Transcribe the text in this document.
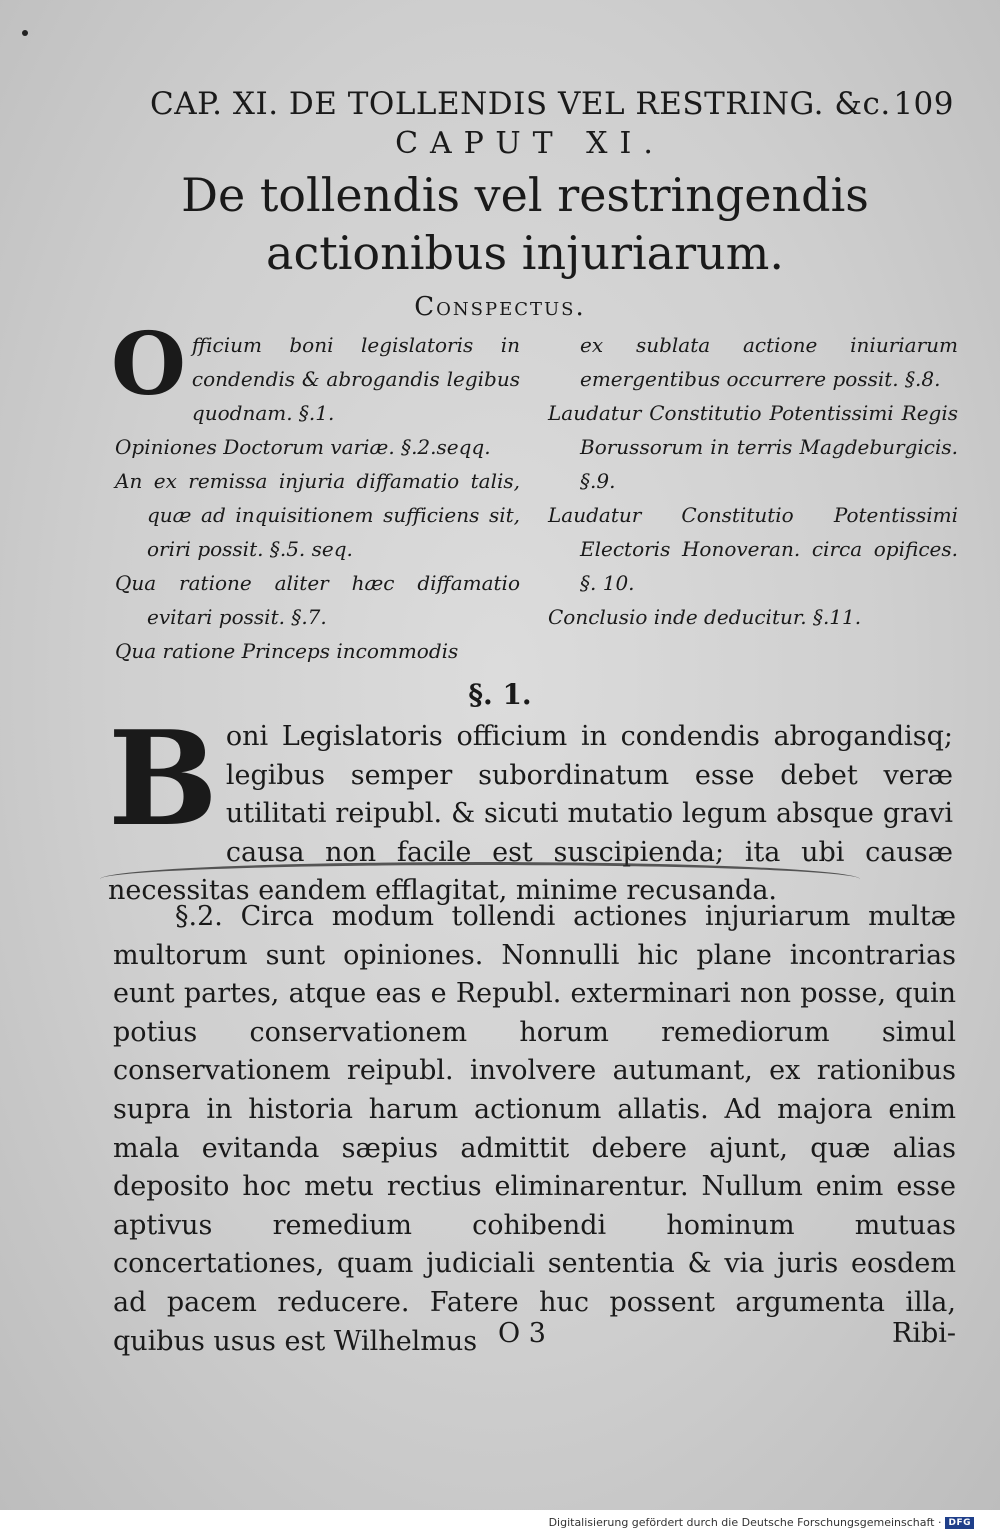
CAP. XI. DE TOLLENDIS VEL RESTRING. &c. 109
CAPUT XI.
De tollendis vel restringendis actionibus injuriarum.
Conspectus.

Officium boni legislatoris in condendis & abrogandis legibus quodnam. §.1.

Opiniones Doctorum variæ. §.2.seqq.

An ex remissa injuria diffamatio talis, quæ ad inquisitionem sufficiens sit, oriri possit. §.5. seq.

Qua ratione aliter hæc diffamatio evitari possit. §.7.

Qua ratione Princeps incommodis

ex sublata actione iniuriarum emergentibus occurrere possit. §.8.

Laudatur Constitutio Potentissimi Regis Borussorum in terris Magdeburgicis. §.9.

Laudatur Constitutio Potentissimi Electoris Honoveran. circa opifices. §. 10.

Conclusio inde deducitur. §.11.

§. 1.

Boni Legislatoris officium in condendis abrogandisq; legibus semper subordinatum esse debet veræ utilitati reipubl. & sicuti mutatio legum absque gravi causa non facile est suscipienda; ita ubi causæ necessitas eandem efflagitat, minime recusanda.

§.2. Circa modum tollendi actiones injuriarum multæ multorum sunt opiniones. Nonnulli hic plane incontrarias eunt partes, atque eas e Republ. exterminari non posse, quin potius conservationem horum remediorum simul conservationem reipubl. involvere autumant, ex rationibus supra in historia harum actionum allatis. Ad majora enim mala evitanda sæpius admittit debere ajunt, quæ alias deposito hoc metu rectius eliminarentur. Nullum enim esse aptivus remedium cohibendi hominum mutuas concertationes, quam judiciali sententia & via juris eosdem ad pacem reducere. Fatere huc possent argumenta illa, quibus usus est Wilhelmus O 3	Ribi-
Digitalisierung gefördert durch die Deutsche Forschungsgemeinschaft · DFG
